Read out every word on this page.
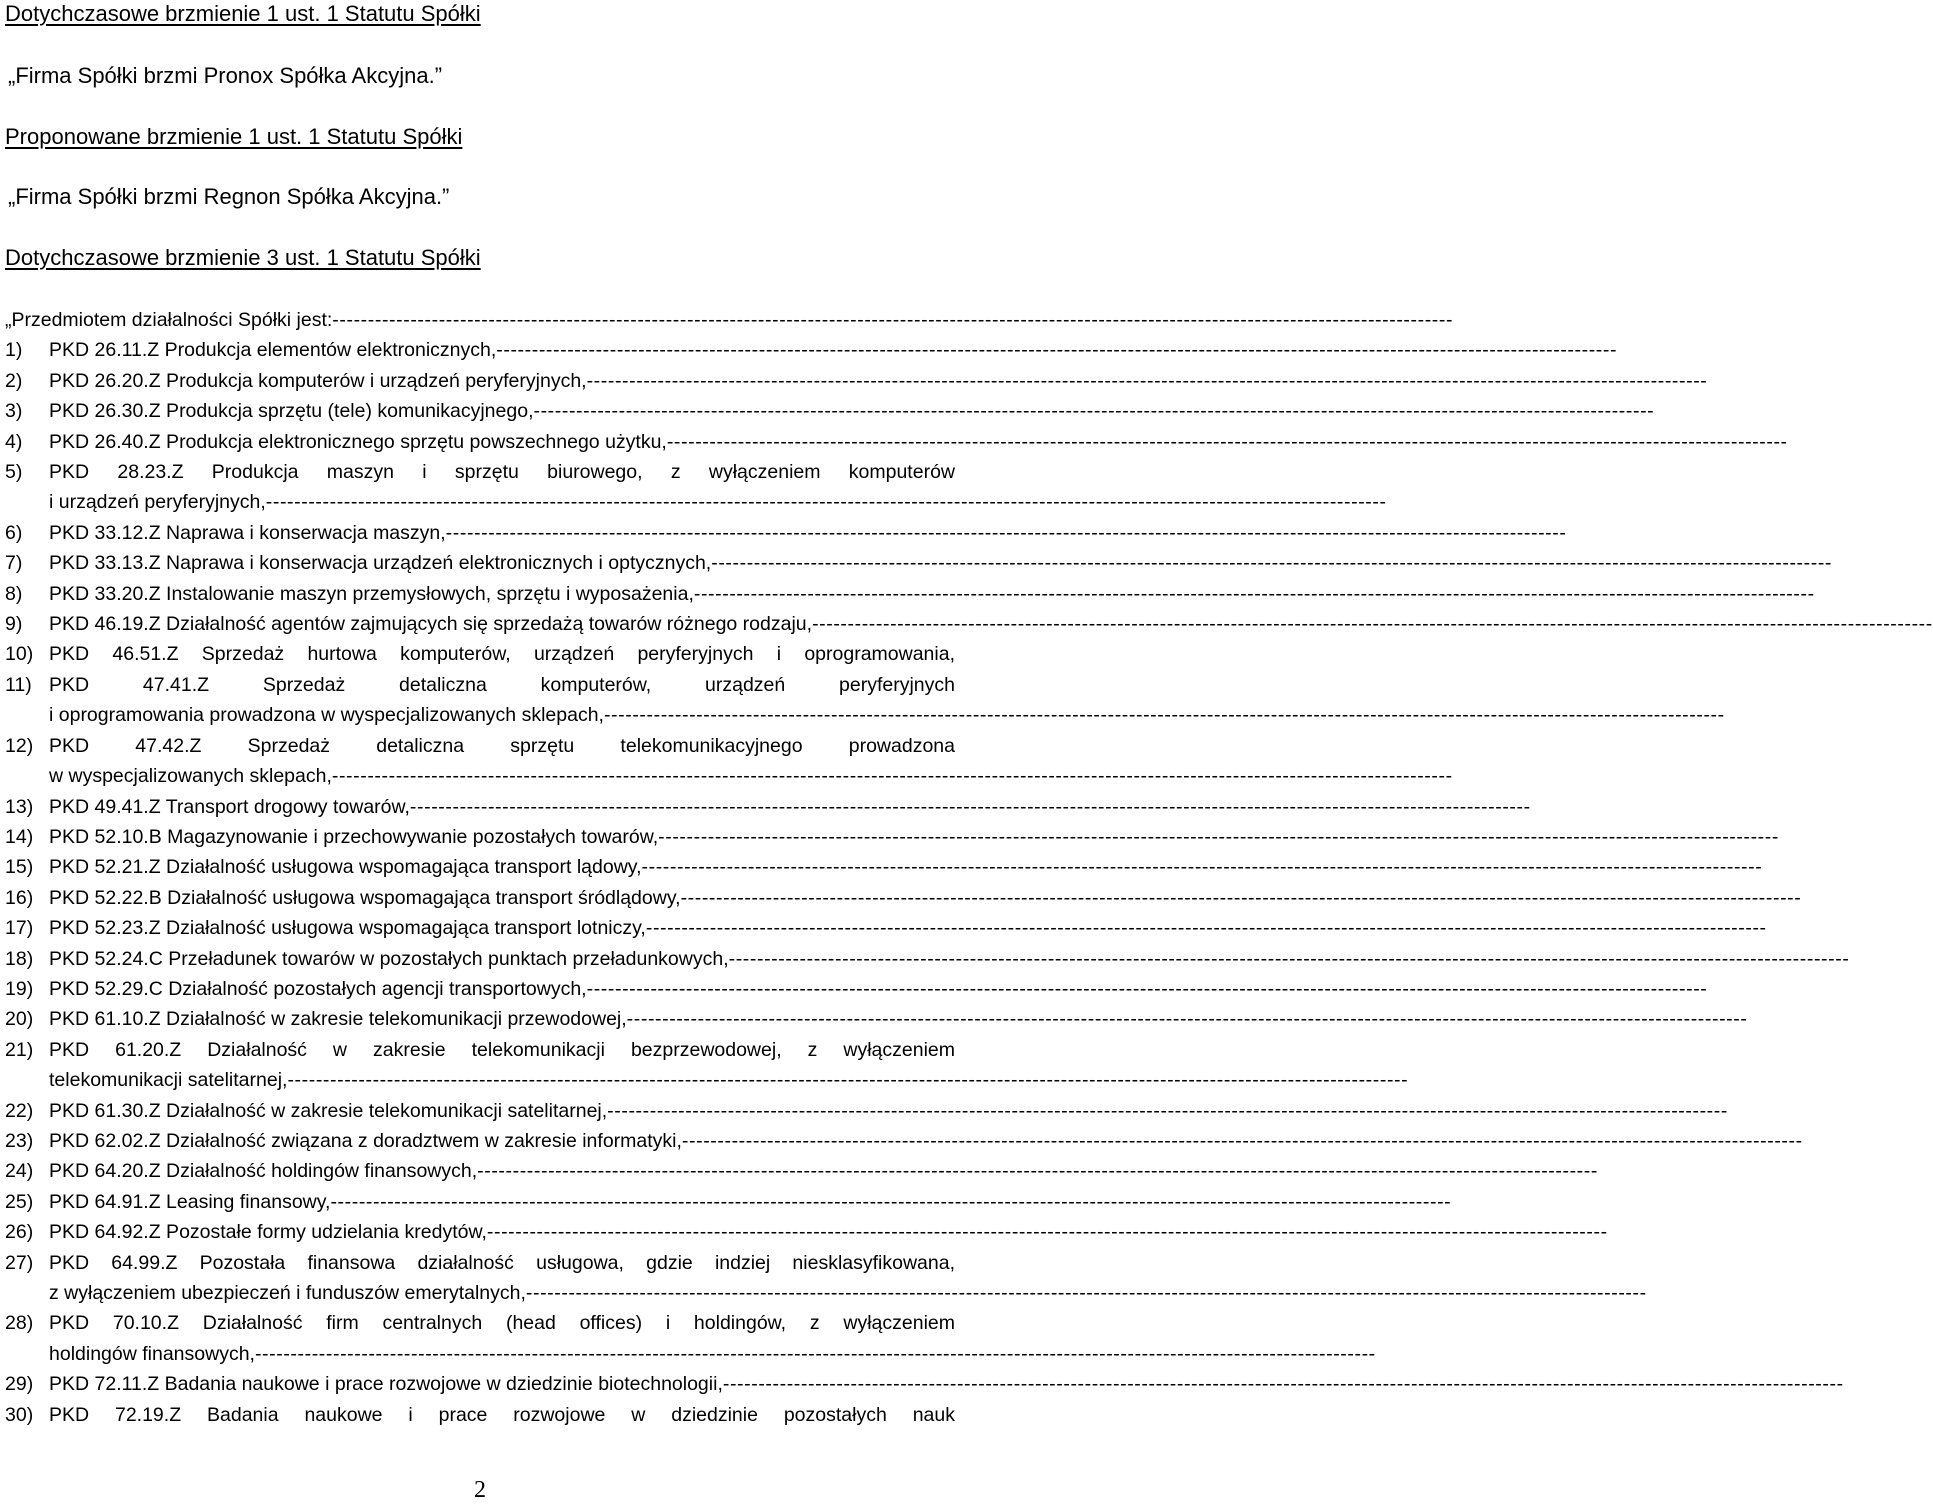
Dotychczasowe brzmienie 1 ust. 1 Statutu Spółki
„Firma Spółki brzmi Pronox Spółka Akcyjna.”
Proponowane brzmienie 1 ust. 1 Statutu Spółki
„Firma Spółki brzmi Regnon Spółka Akcyjna.”
Dotychczasowe brzmienie 3 ust. 1 Statutu Spółki
„Przedmiotem działalności Spółki jest: --------------------------------------------------------------------------------------------------------------------------------------------------------------
1)	PKD 26.11.Z Produkcja elementów elektronicznych, --------------------------------------------------------------------------------------------------------------------------------------------------------------
2)	PKD 26.20.Z Produkcja komputerów i urządzeń peryferyjnych, --------------------------------------------------------------------------------------------------------------------------------------------------------------
3)	PKD 26.30.Z Produkcja sprzętu (tele) komunikacyjnego, --------------------------------------------------------------------------------------------------------------------------------------------------------------
4)	PKD 26.40.Z Produkcja elektronicznego sprzętu powszechnego użytku, --------------------------------------------------------------------------------------------------------------------------------------------------------------
5)	PKD 28.23.Z Produkcja maszyn i sprzętu biurowego, z wyłączeniem komputerów
i urządzeń peryferyjnych, --------------------------------------------------------------------------------------------------------------------------------------------------------------
6)	PKD 33.12.Z Naprawa i konserwacja maszyn, --------------------------------------------------------------------------------------------------------------------------------------------------------------
7)	PKD 33.13.Z Naprawa i konserwacja urządzeń elektronicznych i optycznych, --------------------------------------------------------------------------------------------------------------------------------------------------------------
8)	PKD 33.20.Z Instalowanie maszyn przemysłowych, sprzętu i wyposażenia, --------------------------------------------------------------------------------------------------------------------------------------------------------------
9)	PKD 46.19.Z Działalność agentów zajmujących się sprzedażą towarów różnego rodzaju, --------------------------------------------------------------------------------------------------------------------------------------------------------------
10) PKD 46.51.Z Sprzedaż hurtowa komputerów, urządzeń peryferyjnych i oprogramowania,
11) PKD 47.41.Z Sprzedaż detaliczna komputerów, urządzeń peryferyjnych
i oprogramowania prowadzona w wyspecjalizowanych sklepach, --------------------------------------------------------------------------------------------------------------------------------------------------------------
12) PKD 47.42.Z Sprzedaż detaliczna sprzętu telekomunikacyjnego prowadzona
w wyspecjalizowanych sklepach, --------------------------------------------------------------------------------------------------------------------------------------------------------------
13) PKD 49.41.Z Transport drogowy towarów, --------------------------------------------------------------------------------------------------------------------------------------------------------------
14) PKD 52.10.B Magazynowanie i przechowywanie pozostałych towarów, --------------------------------------------------------------------------------------------------------------------------------------------------------------
15) PKD 52.21.Z Działalność usługowa wspomagająca transport lądowy, --------------------------------------------------------------------------------------------------------------------------------------------------------------
16) PKD 52.22.B Działalność usługowa wspomagająca transport śródlądowy, --------------------------------------------------------------------------------------------------------------------------------------------------------------
17) PKD 52.23.Z Działalność usługowa wspomagająca transport lotniczy, --------------------------------------------------------------------------------------------------------------------------------------------------------------
18) PKD 52.24.C Przeładunek towarów w pozostałych punktach przeładunkowych, --------------------------------------------------------------------------------------------------------------------------------------------------------------
19) PKD 52.29.C Działalność pozostałych agencji transportowych, --------------------------------------------------------------------------------------------------------------------------------------------------------------
20) PKD 61.10.Z Działalność w zakresie telekomunikacji przewodowej, --------------------------------------------------------------------------------------------------------------------------------------------------------------
21) PKD 61.20.Z Działalność w zakresie telekomunikacji bezprzewodowej, z wyłączeniem
telekomunikacji satelitarnej, --------------------------------------------------------------------------------------------------------------------------------------------------------------
22) PKD 61.30.Z Działalność w zakresie telekomunikacji satelitarnej, --------------------------------------------------------------------------------------------------------------------------------------------------------------
23) PKD 62.02.Z Działalność związana z doradztwem w zakresie informatyki, --------------------------------------------------------------------------------------------------------------------------------------------------------------
24) PKD 64.20.Z Działalność holdingów finansowych, --------------------------------------------------------------------------------------------------------------------------------------------------------------
25) PKD 64.91.Z Leasing finansowy, --------------------------------------------------------------------------------------------------------------------------------------------------------------
26) PKD 64.92.Z Pozostałe formy udzielania kredytów, --------------------------------------------------------------------------------------------------------------------------------------------------------------
27) PKD 64.99.Z Pozostała finansowa działalność usługowa, gdzie indziej niesklasyfikowana,
z wyłączeniem ubezpieczeń i funduszów emerytalnych, --------------------------------------------------------------------------------------------------------------------------------------------------------------
28) PKD 70.10.Z Działalność firm centralnych (head offices) i holdingów, z wyłączeniem
holdingów finansowych, --------------------------------------------------------------------------------------------------------------------------------------------------------------
29) PKD 72.11.Z Badania naukowe i prace rozwojowe w dziedzinie biotechnologii, --------------------------------------------------------------------------------------------------------------------------------------------------------------
30) PKD 72.19.Z Badania naukowe i prace rozwojowe w dziedzinie pozostałych nauk
2
